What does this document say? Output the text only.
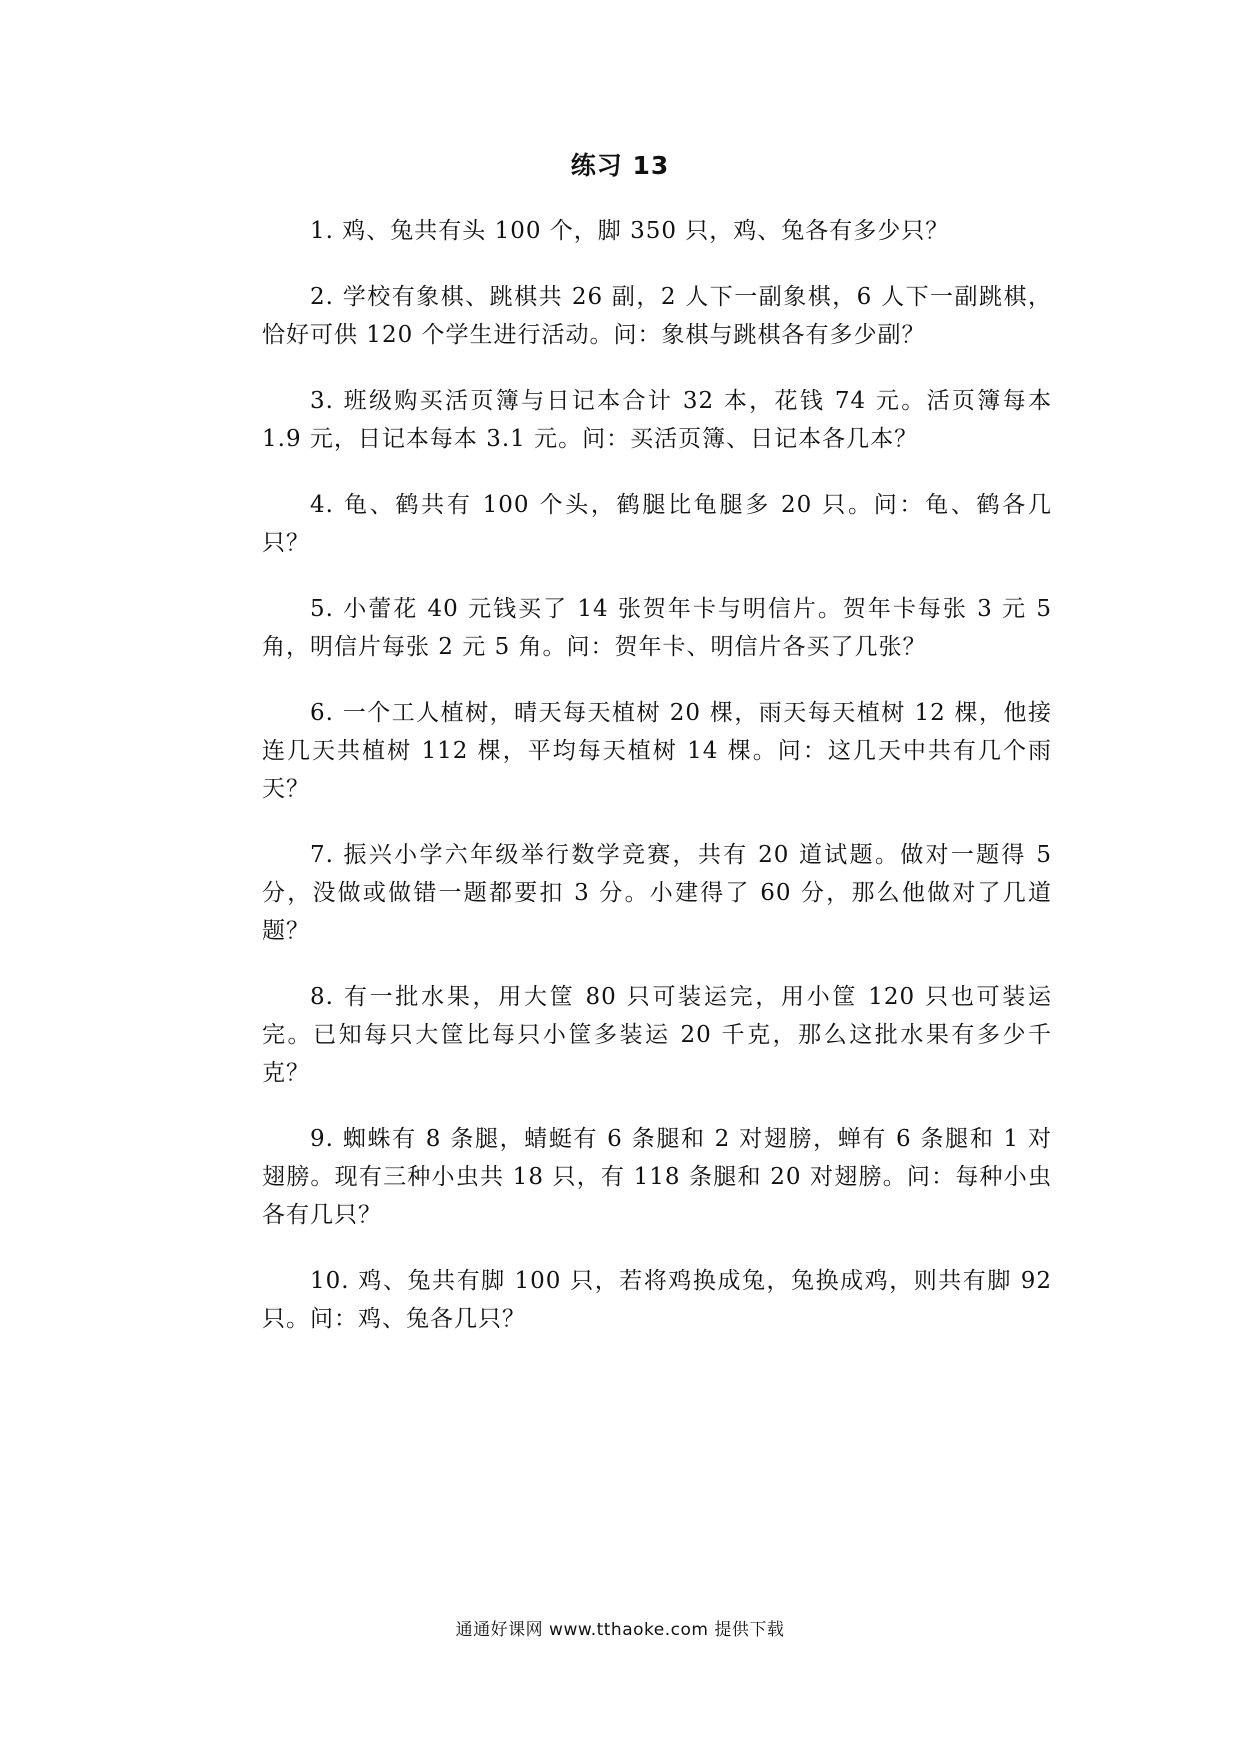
练习 13

1. 鸡、兔共有头 100 个，脚 350 只，鸡、兔各有多少只？

2. 学校有象棋、跳棋共 26 副，2 人下一副象棋，6 人下一副跳棋，恰好可供 120 个学生进行活动。问：象棋与跳棋各有多少副？

3. 班级购买活页簿与日记本合计 32 本，花钱 74 元。活页簿每本 1.9 元，日记本每本 3.1 元。问：买活页簿、日记本各几本？

4. 龟、鹤共有 100 个头，鹤腿比龟腿多 20 只。问：龟、鹤各几只？

5. 小蕾花 40 元钱买了 14 张贺年卡与明信片。贺年卡每张 3 元 5 角，明信片每张 2 元 5 角。问：贺年卡、明信片各买了几张？

6. 一个工人植树，晴天每天植树 20 棵，雨天每天植树 12 棵，他接连几天共植树 112 棵，平均每天植树 14 棵。问：这几天中共有几个雨天？

7. 振兴小学六年级举行数学竞赛，共有 20 道试题。做对一题得 5 分，没做或做错一题都要扣 3 分。小建得了 60 分，那么他做对了几道题？

8. 有一批水果，用大筐 80 只可装运完，用小筐 120 只也可装运完。已知每只大筐比每只小筐多装运 20 千克，那么这批水果有多少千克？

9. 蜘蛛有 8 条腿，蜻蜓有 6 条腿和 2 对翅膀，蝉有 6 条腿和 1 对翅膀。现有三种小虫共 18 只，有 118 条腿和 20 对翅膀。问：每种小虫各有几只？

10. 鸡、兔共有脚 100 只，若将鸡换成兔，兔换成鸡，则共有脚 92 只。问：鸡、兔各几只？

通通好课网 www.tthaoke.com 提供下载
